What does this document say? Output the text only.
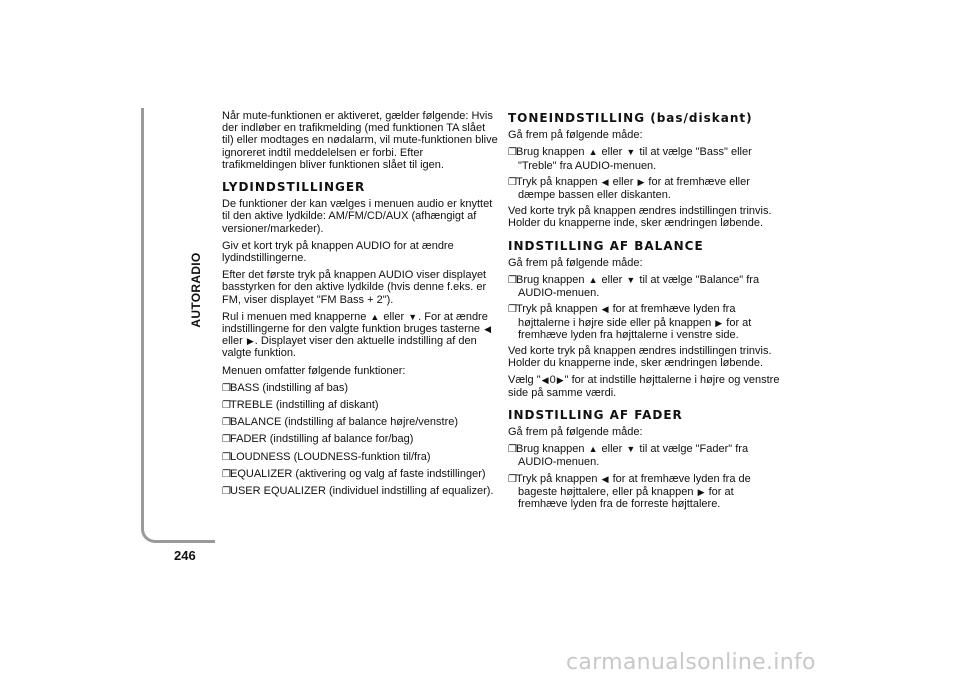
AUTORADIO
246

Når mute-funktionen er aktiveret, gælder følgende: Hvis der indløber en trafikmelding (med funktionen TA slået til) eller modtages en nødalarm, vil mute-funktionen blive ignoreret indtil meddelelsen er forbi. Efter trafikmeldingen bliver funktionen slået til igen.

LYDINDSTILLINGER

De funktioner der kan vælges i menuen audio er knyttet til den aktive lydkilde: AM/FM/CD/AUX (afhængigt af versioner/markeder).

Giv et kort tryk på knappen AUDIO for at ændre lydindstillingerne.

Efter det første tryk på knappen AUDIO viser displayet basstyrken for den aktive lydkilde (hvis denne f.eks. er FM, viser displayet "FM Bass + 2").

Rul i menuen med knapperne ▲ eller ▼. For at ændre indstillingerne for den valgte funktion bruges tasterne ◀ eller ▶. Displayet viser den aktuelle indstilling af den valgte funktion.

Menuen omfatter følgende funktioner:

❐BASS (indstilling af bas)
❐TREBLE (indstilling af diskant)
❐BALANCE (indstilling af balance højre/venstre)
❐FADER (indstilling af balance for/bag)
❐LOUDNESS (LOUDNESS-funktion til/fra)
❐EQUALIZER (aktivering og valg af faste indstillinger)
❐USER EQUALIZER (individuel indstilling af equalizer).
TONEINDSTILLING (bas/diskant)

Gå frem på følgende måde:

❐Brug knappen ▲ eller ▼ til at vælge "Bass" eller "Treble" fra AUDIO-menuen.
❐Tryk på knappen ◀ eller ▶ for at fremhæve eller dæmpe bassen eller diskanten.

Ved korte tryk på knappen ændres indstillingen trinvis. Holder du knapperne inde, sker ændringen løbende.

INDSTILLING AF BALANCE

Gå frem på følgende måde:

❐Brug knappen ▲ eller ▼ til at vælge "Balance" fra AUDIO-menuen.
❐Tryk på knappen ◀ for at fremhæve lyden fra højttalerne i højre side eller på knappen ▶ for at fremhæve lyden fra højttalerne i venstre side.

Ved korte tryk på knappen ændres indstillingen trinvis. Holder du knapperne inde, sker ændringen løbende.

Vælg "◀0▶" for at indstille højttalerne i højre og venstre side på samme værdi.

INDSTILLING AF FADER

Gå frem på følgende måde:

❐Brug knappen ▲ eller ▼ til at vælge "Fader" fra AUDIO-menuen.
❐Tryk på knappen ◀ for at fremhæve lyden fra de bageste højttalere, eller på knappen ▶ for at fremhæve lyden fra de forreste højttalere.
carmanualsonline.info
